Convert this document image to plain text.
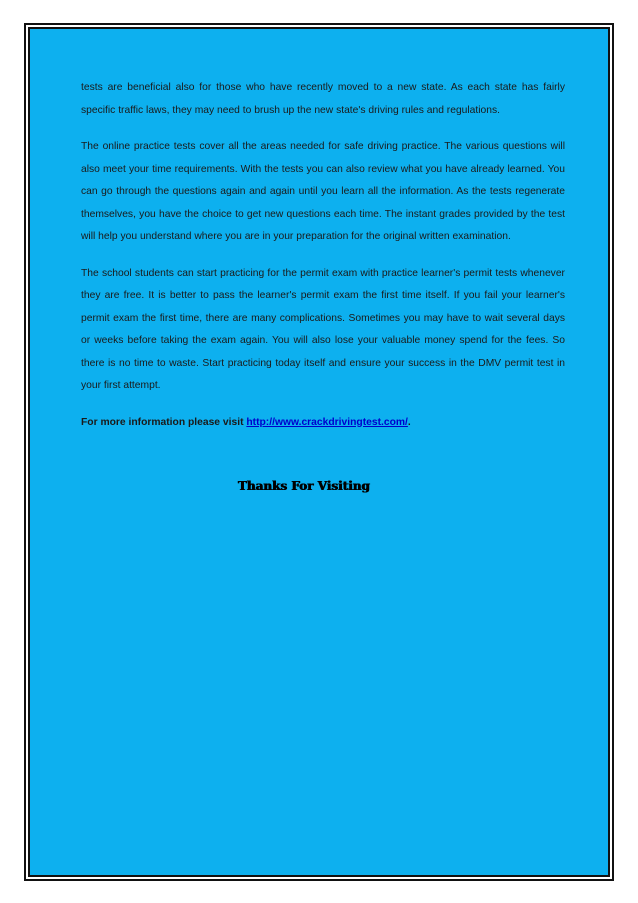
tests are beneficial also for those who have recently moved to a new state. As each state has fairly specific traffic laws, they may need to brush up the new state's driving rules and regulations.

The online practice tests cover all the areas needed for safe driving practice. The various questions will also meet your time requirements. With the tests you can also review what you have already learned. You can go through the questions again and again until you learn all the information. As the tests regenerate themselves, you have the choice to get new questions each time. The instant grades provided by the test will help you understand where you are in your preparation for the original written examination.

The school students can start practicing for the permit exam with practice learner's permit tests whenever they are free. It is better to pass the learner's permit exam the first time itself. If you fail your learner's permit exam the first time, there are many complications. Sometimes you may have to wait several days or weeks before taking the exam again. You will also lose your valuable money spend for the fees. So there is no time to waste. Start practicing today itself and ensure your success in the DMV permit test in your first attempt.

For more information please visit http://www.crackdrivingtest.com/.

Thanks For Visiting
